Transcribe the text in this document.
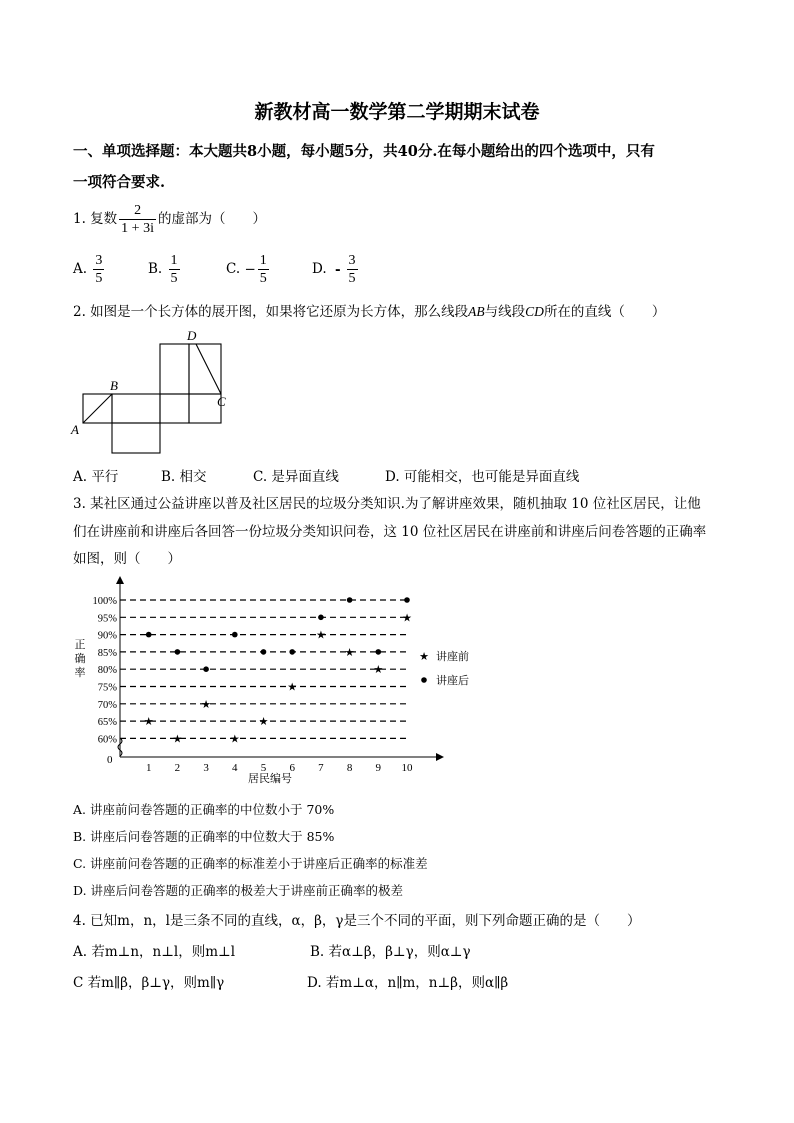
新教材高一数学第二学期期末试卷
一、单项选择题：本大题共8小题，每小题5分，共40分.在每小题给出的四个选项中，只有
一项符合要求.
1. 复数 $\frac{2}{1 + 3i}$ 的虚部为（　　）
A. $\frac{3}{5}$	B. $\frac{1}{5}$	C. − $\frac{1}{5}$	D. - $\frac{3}{5}$
2. 如图是一个长方体的展开图，如果将它还原为长方体，那么线段AB与线段CD所在的直线（　　）
A
B
C
D
A. 平行	B. 相交	C. 是异面直线	D. 可能相交，也可能是异面直线
3. 某社区通过公益讲座以普及社区居民的垃圾分类知识.为了解讲座效果，随机抽取 10 位社区居民，让他
们在讲座前和讲座后各回答一份垃圾分类知识问卷，这 10 位社区居民在讲座前和讲座后问卷答题的正确率
如图，则（　　）
60%
65%
70%
75%
80%
85%
90%
95%
100%
1 2 3 4 5 6 7 8 9 10
★
★
★
★
★
★
★
★
★
★
0
居民编号
正
确
率
★ 讲座前
讲座后
A. 讲座前问卷答题的正确率的中位数小于 70%
B. 讲座后问卷答题的正确率的中位数大于 85%
C. 讲座前问卷答题的正确率的标准差小于讲座后正确率的标准差
D. 讲座后问卷答题的正确率的极差大于讲座前正确率的极差
4. 已知m，n，l是三条不同的直线，α，β，γ是三个不同的平面，则下列命题正确的是（　　）
A. 若m⊥n，n⊥l，则m⊥l	B. 若α⊥β，β⊥γ，则α⊥γ
C 若m∥β，β⊥γ，则m∥γ	D. 若m⊥α，n∥m，n⊥β，则α∥β
